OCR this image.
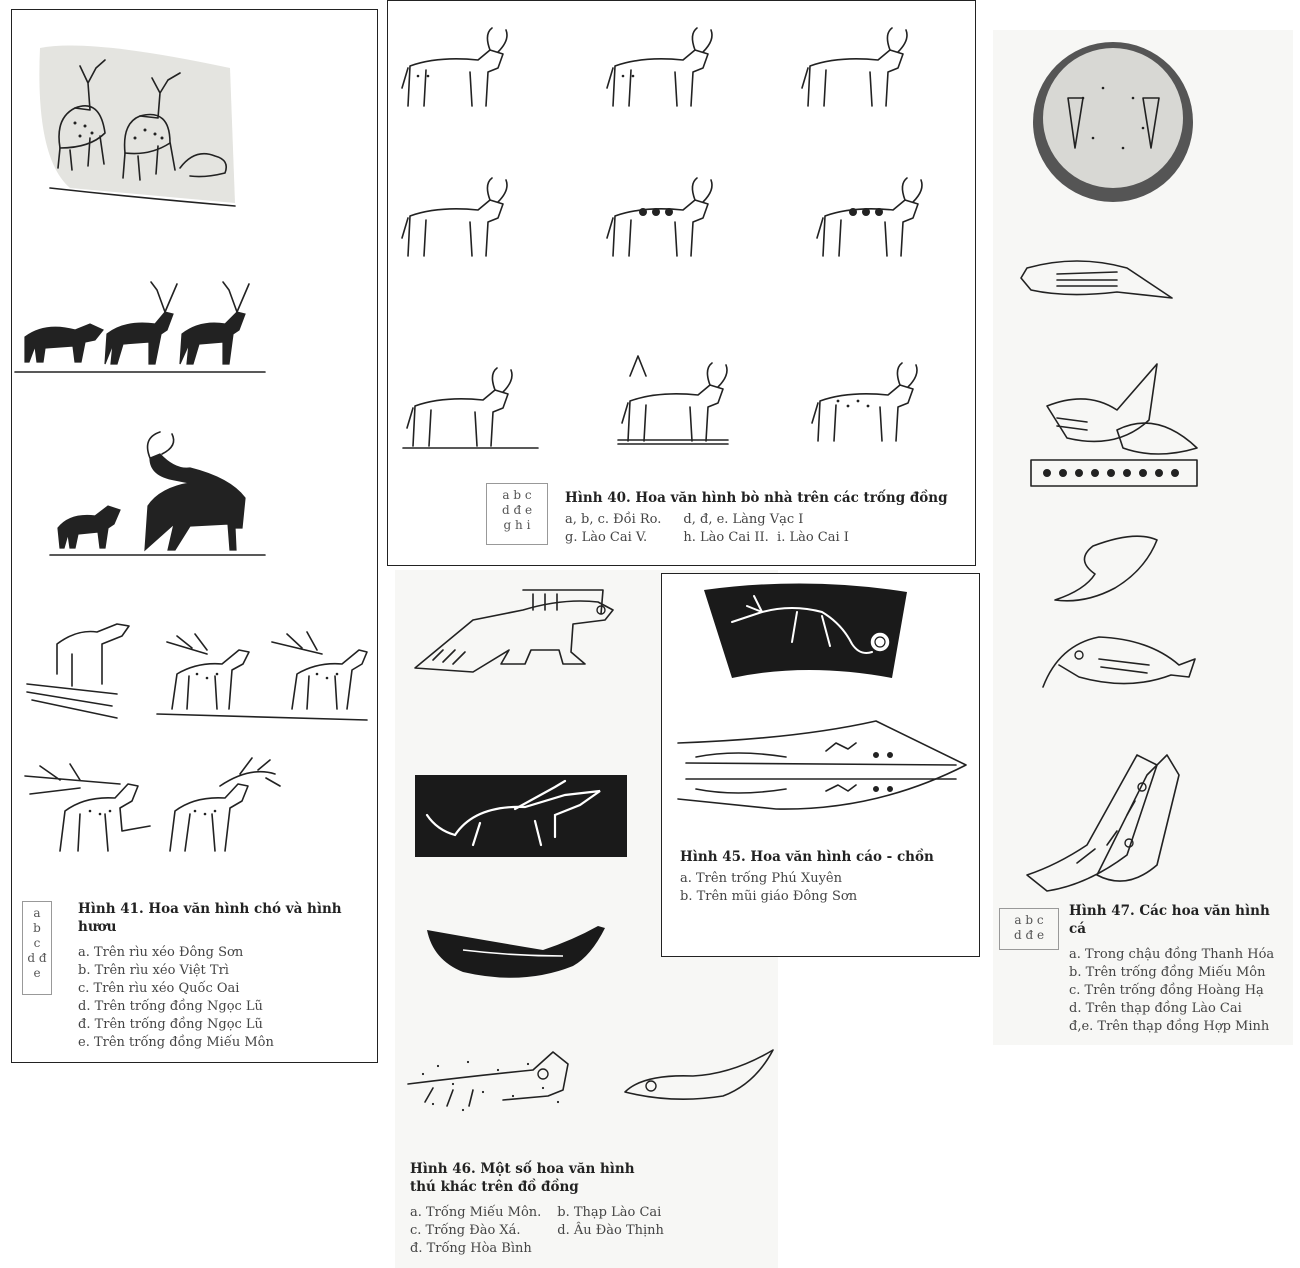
a
b
c
d đ
e
Hình 41. Hoa văn hình chó và hình hươu
a. Trên rìu xéo Đông Sơn
b. Trên rìu xéo Việt Trì
c. Trên rìu xéo Quốc Oai
d. Trên trống đồng Ngọc Lũ
đ. Trên trống đồng Ngọc Lũ
e. Trên trống đồng Miếu Môn
a b c
d đ e
g h i
Hình 40. Hoa văn hình bò nhà trên các trống đồng
a, b, c. Đồi Ro.
g. Lào Cai V.
d, đ, e. Làng Vạc I
h. Lào Cai II. i. Lào Cai I
Hình 46. Một số hoa văn hình
thú khác trên đồ đồng
a. Trống Miếu Môn.
c. Trống Đào Xá.
đ. Trống Hòa Bình
b. Thạp Lào Cai
d. Âu Đào Thịnh
Hình 45. Hoa văn hình cáo - chồn
a. Trên trống Phú Xuyên
b. Trên mũi giáo Đông Sơn
a b c
d đ e
Hình 47. Các hoa văn hình cá
a. Trong chậu đồng Thanh Hóa
b. Trên trống đồng Miếu Môn
c. Trên trống đồng Hoàng Hạ
d. Trên thạp đồng Lào Cai
đ,e. Trên thạp đồng Hợp Minh
